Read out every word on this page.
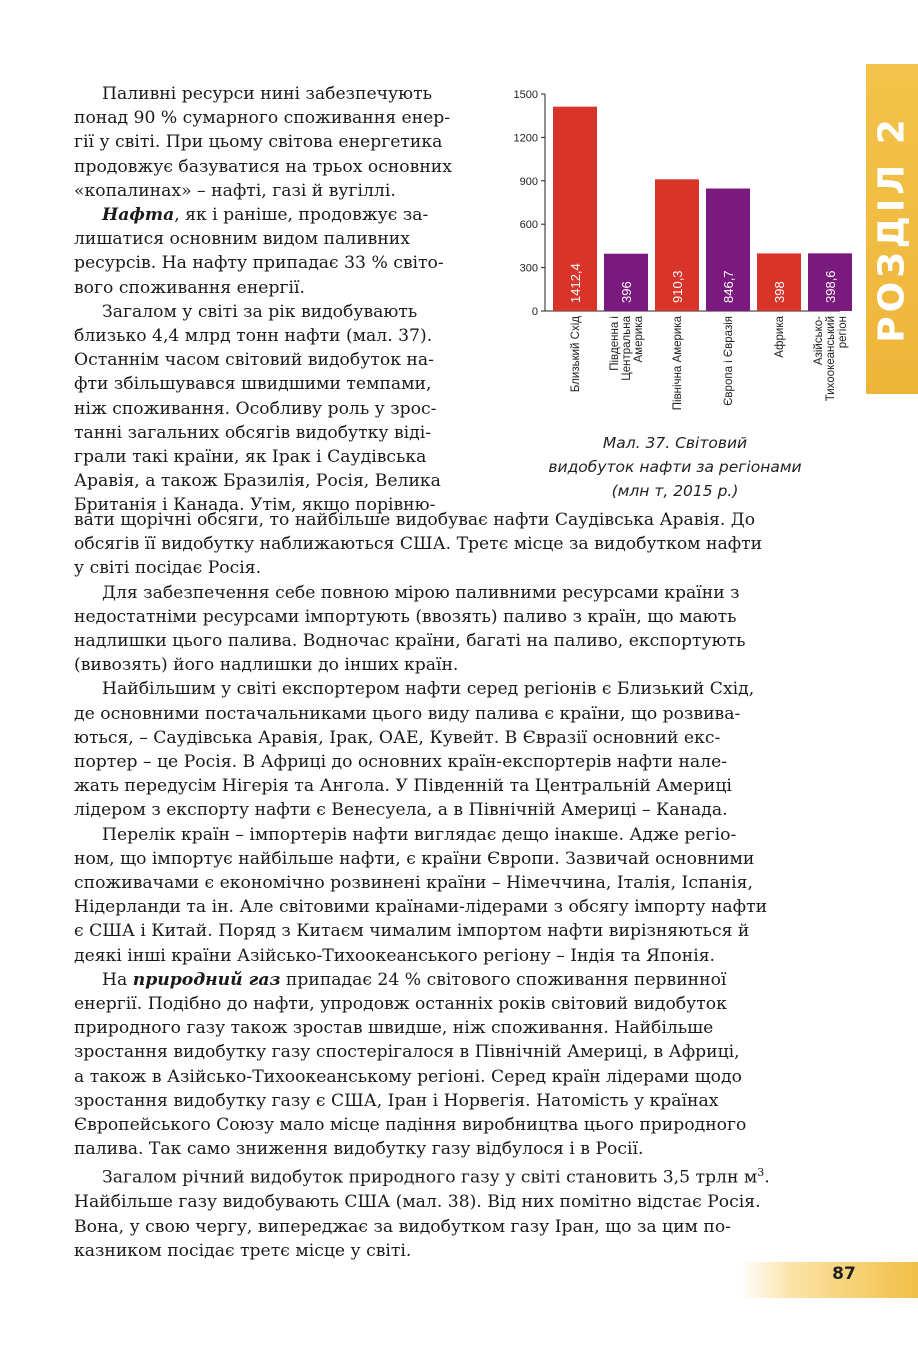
РОЗДІЛ 2
0
300
600
900
1200
1500
1412,4
Близький Схід
396
Південна і Центральна Америка
910,3
Північна Америка
846,7
Європа і Євразія
398
Африка
398,6
Азійсько- Тихоокеанський регіон
Мал. 37. Світовий
видобуток нафти за регіонами
(млн т, 2015 р.)

Паливні ресурси нині забезпечують
понад 90 % сумарного споживання енер-
гії у світі. При цьому світова енергетика
продовжує базуватися на трьох основних
«копалинах» – нафті, газі й вугіллі.

Нафта, як і раніше, продовжує за-
лишатися основним видом паливних
ресурсів. На нафту припадає 33 % світо-
вого споживання енергії.

Загалом у світі за рік видобувають
близько 4,4 млрд тонн нафти (мал. 37).
Останнім часом світовий видобуток на-
фти збільшувався швидшими темпами,
ніж споживання. Особливу роль у зрос-
танні загальних обсягів видобутку віді-
грали такі країни, як Ірак і Саудівська
Аравія, а також Бразилія, Росія, Велика
Британія і Канада. Утім, якщо порівню-

вати щорічні обсяги, то найбільше видобуває нафти Саудівська Аравія. До
обсягів її видобутку наближаються США. Третє місце за видобутком нафти
у світі посідає Росія.

Для забезпечення себе повною мірою паливними ресурсами країни з
недостатніми ресурсами імпортують (ввозять) паливо з країн, що мають
надлишки цього палива. Водночас країни, багаті на паливо, експортують
(вивозять) його надлишки до інших країн.

Найбільшим у світі експортером нафти серед регіонів є Близький Схід,
де основними постачальниками цього виду палива є країни, що розвива-
ються, – Саудівська Аравія, Ірак, ОАЕ, Кувейт. В Євразії основний екс-
портер – це Росія. В Африці до основних країн-експортерів нафти нале-
жать передусім Нігерія та Ангола. У Південній та Центральній Америці
лідером з експорту нафти є Венесуела, а в Північній Америці – Канада.

Перелік країн – імпортерів нафти виглядає дещо інакше. Адже регіо-
ном, що імпортує найбільше нафти, є країни Європи. Зазвичай основними
споживачами є економічно розвинені країни – Німеччина, Італія, Іспанія,
Нідерланди та ін. Але світовими країнами-лідерами з обсягу імпорту нафти
є США і Китай. Поряд з Китаєм чималим імпортом нафти вирізняються й
деякі інші країни Азійсько-Тихоокеанського регіону – Індія та Японія.

На природний газ припадає 24 % світового споживання первинної
енергії. Подібно до нафти, упродовж останніх років світовий видобуток
природного газу також зростав швидше, ніж споживання. Найбільше
зростання видобутку газу спостерігалося в Північній Америці, в Африці,
а також в Азійсько-Тихоокеанському регіоні. Серед країн лідерами щодо
зростання видобутку газу є США, Іран і Норвегія. Натомість у країнах
Європейського Союзу мало місце падіння виробництва цього природного
палива. Так само зниження видобутку газу відбулося і в Росії.

Загалом річний видобуток природного газу у світі становить 3,5 трлн $м^3$.
Найбільше газу видобувають США (мал. 38). Від них помітно відстає Росія.
Вона, у свою чергу, випереджає за видобутком газу Іран, що за цим по-
казником посідає третє місце у світі.

87
